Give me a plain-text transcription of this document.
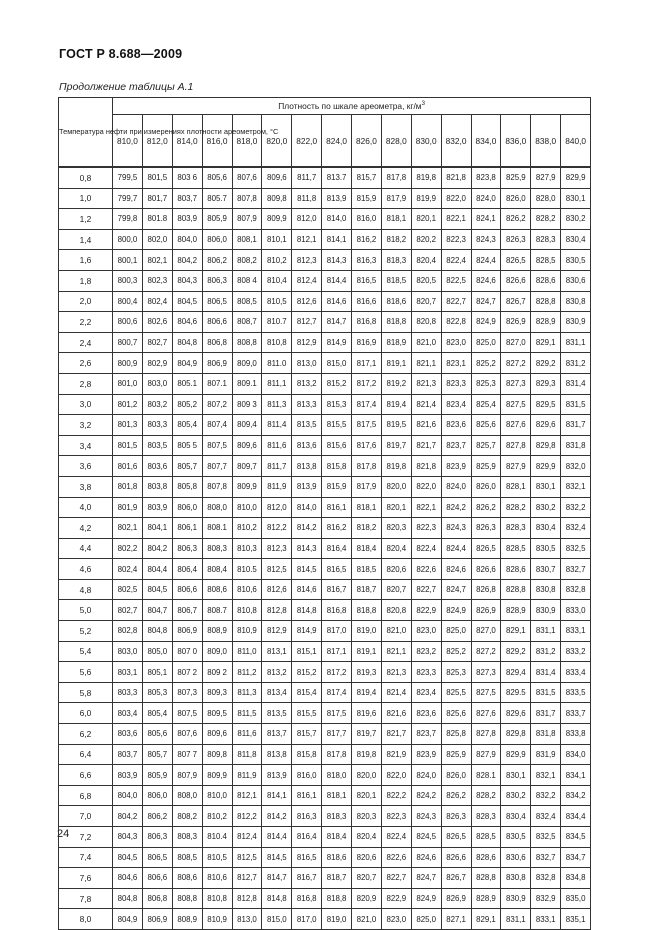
ГОСТ Р 8.688—2009
Продолжение таблицы А.1
Температура нефти при измерениях плотности ареометром, °С	Плотность по шкале ареометра, $кг/м^3$
	810,0	812,0	814,0	816,0	818,0	820,0	822,0	824,0	826,0	828,0	830,0	832,0	834,0	836,0	838,0	840,0
0,8	799,5	801,5	803 6	805,6	807,6	809,6	811,7	813.7	815,7	817,8	819,8	821,8	823,8	825,9	827,9	829,9
1,0	799,7	801,7	803,7	805.7	807,8	809,8	811,8	813,9	815,9	817,9	819,9	822,0	824,0	826,0	828,0	830,1
1,2	799,8	801.8	803,9	805,9	807,9	809,9	812,0	814,0	816,0	818,1	820,1	822,1	824,1	826,2	828,2	830,2
1,4	800,0	802,0	804,0	806,0	808,1	810,1	812,1	814,1	816,2	818,2	820,2	822,3	824,3	826,3	828,3	830,4
1,6	800,1	802,1	804,2	806,2	808,2	810,2	812,3	814,3	816,3	818,3	820,4	822,4	824,4	826,5	828,5	830,5
1,8	800,3	802,3	804,3	806,3	808 4	810,4	812,4	814,4	816,5	818,5	820,5	822,5	824,6	826,6	828,6	830,6
2,0	800,4	802,4	804,5	806,5	808,5	810,5	812,6	814,6	816,6	818,6	820,7	822,7	824,7	826,7	828,8	830,8
2,2	800,6	802,6	804,6	806,6	808,7	810.7	812,7	814,7	816,8	818,8	820,8	822,8	824,9	826,9	828,9	830,9
2,4	800,7	802,7	804,8	806,8	808,8	810,8	812,9	814,9	816,9	818,9	821,0	823,0	825,0	827,0	829,1	831,1
2,6	800,9	802,9	804,9	806,9	809,0	811.0	813,0	815,0	817,1	819,1	821,1	823,1	825,2	827,2	829,2	831,2
2,8	801,0	803,0	805.1	807.1	809.1	811,1	813,2	815,2	817,2	819,2	821,3	823,3	825,3	827,3	829,3	831,4
3,0	801,2	803,2	805,2	807,2	809 3	811,3	813,3	815,3	817,4	819,4	821,4	823,4	825,4	827,5	829,5	831,5
3,2	801,3	803,3	805,4	807,4	809,4	811,4	813,5	815,5	817,5	819,5	821,6	823,6	825,6	827,6	829,6	831,7
3,4	801,5	803,5	805 5	807,5	809,6	811,6	813,6	815,6	817,6	819,7	821,7	823,7	825,7	827,8	829,8	831,8
3,6	801,6	803,6	805,7	807,7	809,7	811,7	813,8	815,8	817,8	819,8	821,8	823,9	825,9	827,9	829,9	832,0
3,8	801,8	803,8	805,8	807,8	809,9	811,9	813,9	815,9	817,9	820,0	822,0	824,0	826,0	828,1	830,1	832,1
4,0	801,9	803,9	806,0	808,0	810,0	812,0	814,0	816,1	818,1	820,1	822,1	824,2	826,2	828,2	830,2	832,2
4,2	802,1	804,1	806,1	808.1	810,2	812,2	814,2	816,2	818,2	820,3	822,3	824,3	826,3	828,3	830,4	832,4
4,4	802,2	804,2	806,3	808,3	810,3	812,3	814,3	816,4	818,4	820,4	822,4	824,4	826,5	828,5	830,5	832,5
4,6	802,4	804,4	806,4	808,4	810.5	812,5	814,5	816,5	818,5	820,6	822,6	824,6	826,6	828,6	830,7	832,7
4,8	802,5	804,5	806,6	808,6	810,6	812,6	814,6	816,7	818,7	820,7	822,7	824,7	826,8	828,8	830,8	832,8
5,0	802,7	804,7	806,7	808.7	810,8	812,8	814,8	816,8	818,8	820,8	822,9	824,9	826,9	828,9	830,9	833,0
5,2	802,8	804,8	806,9	808,9	810,9	812,9	814,9	817,0	819,0	821,0	823,0	825,0	827,0	829,1	831,1	833,1
5,4	803,0	805,0	807 0	809,0	811,0	813,1	815,1	817,1	819,1	821,1	823,2	825,2	827,2	829,2	831,2	833,2
5,6	803,1	805,1	807 2	809 2	811,2	813,2	815,2	817,2	819,3	821,3	823,3	825,3	827,3	829,4	831,4	833,4
5,8	803,3	805,3	807,3	809,3	811,3	813,4	815,4	817,4	819,4	821,4	823,4	825,5	827,5	829.5	831,5	833,5
6,0	803,4	805,4	807,5	809,5	811,5	813,5	815,5	817,5	819,6	821,6	823,6	825,6	827,6	829,6	831,7	833,7
6,2	803,6	805,6	807,6	809,6	811,6	813,7	815,7	817,7	819,7	821,7	823,7	825,8	827,8	829,8	831,8	833,8
6,4	803,7	805,7	807 7	809,8	811,8	813,8	815,8	817,8	819,8	821,9	823,9	825,9	827,9	829,9	831,9	834,0
6,6	803,9	805,9	807,9	809,9	811,9	813,9	816,0	818,0	820,0	822,0	824,0	826,0	828.1	830,1	832,1	834,1
6,8	804,0	806,0	808,0	810,0	812,1	814,1	816,1	818,1	820,1	822,2	824,2	826,2	828,2	830,2	832,2	834,2
7,0	804,2	806,2	808,2	810,2	812,2	814,2	816,3	818,3	820,3	822,3	824,3	826,3	828,3	830,4	832,4	834,4
7,2	804,3	806,3	808,3	810.4	812,4	814,4	816,4	818,4	820,4	822,4	824,5	826,5	828,5	830,5	832,5	834,5
7,4	804,5	806,5	808,5	810,5	812,5	814,5	816,5	818,6	820,6	822,6	824,6	826,6	828,6	830,6	832,7	834,7
7,6	804,6	806,6	808,6	810,6	812,7	814,7	816,7	818,7	820,7	822,7	824,7	826,7	828,8	830,8	832,8	834,8
7,8	804,8	806,8	808,8	810,8	812,8	814,8	816,8	818,8	820,9	822,9	824,9	826,9	828,9	830,9	832,9	835,0
8,0	804,9	806,9	808,9	810,9	813,0	815,0	817,0	819,0	821,0	823,0	825,0	827,1	829,1	831,1	833,1	835,1
24
